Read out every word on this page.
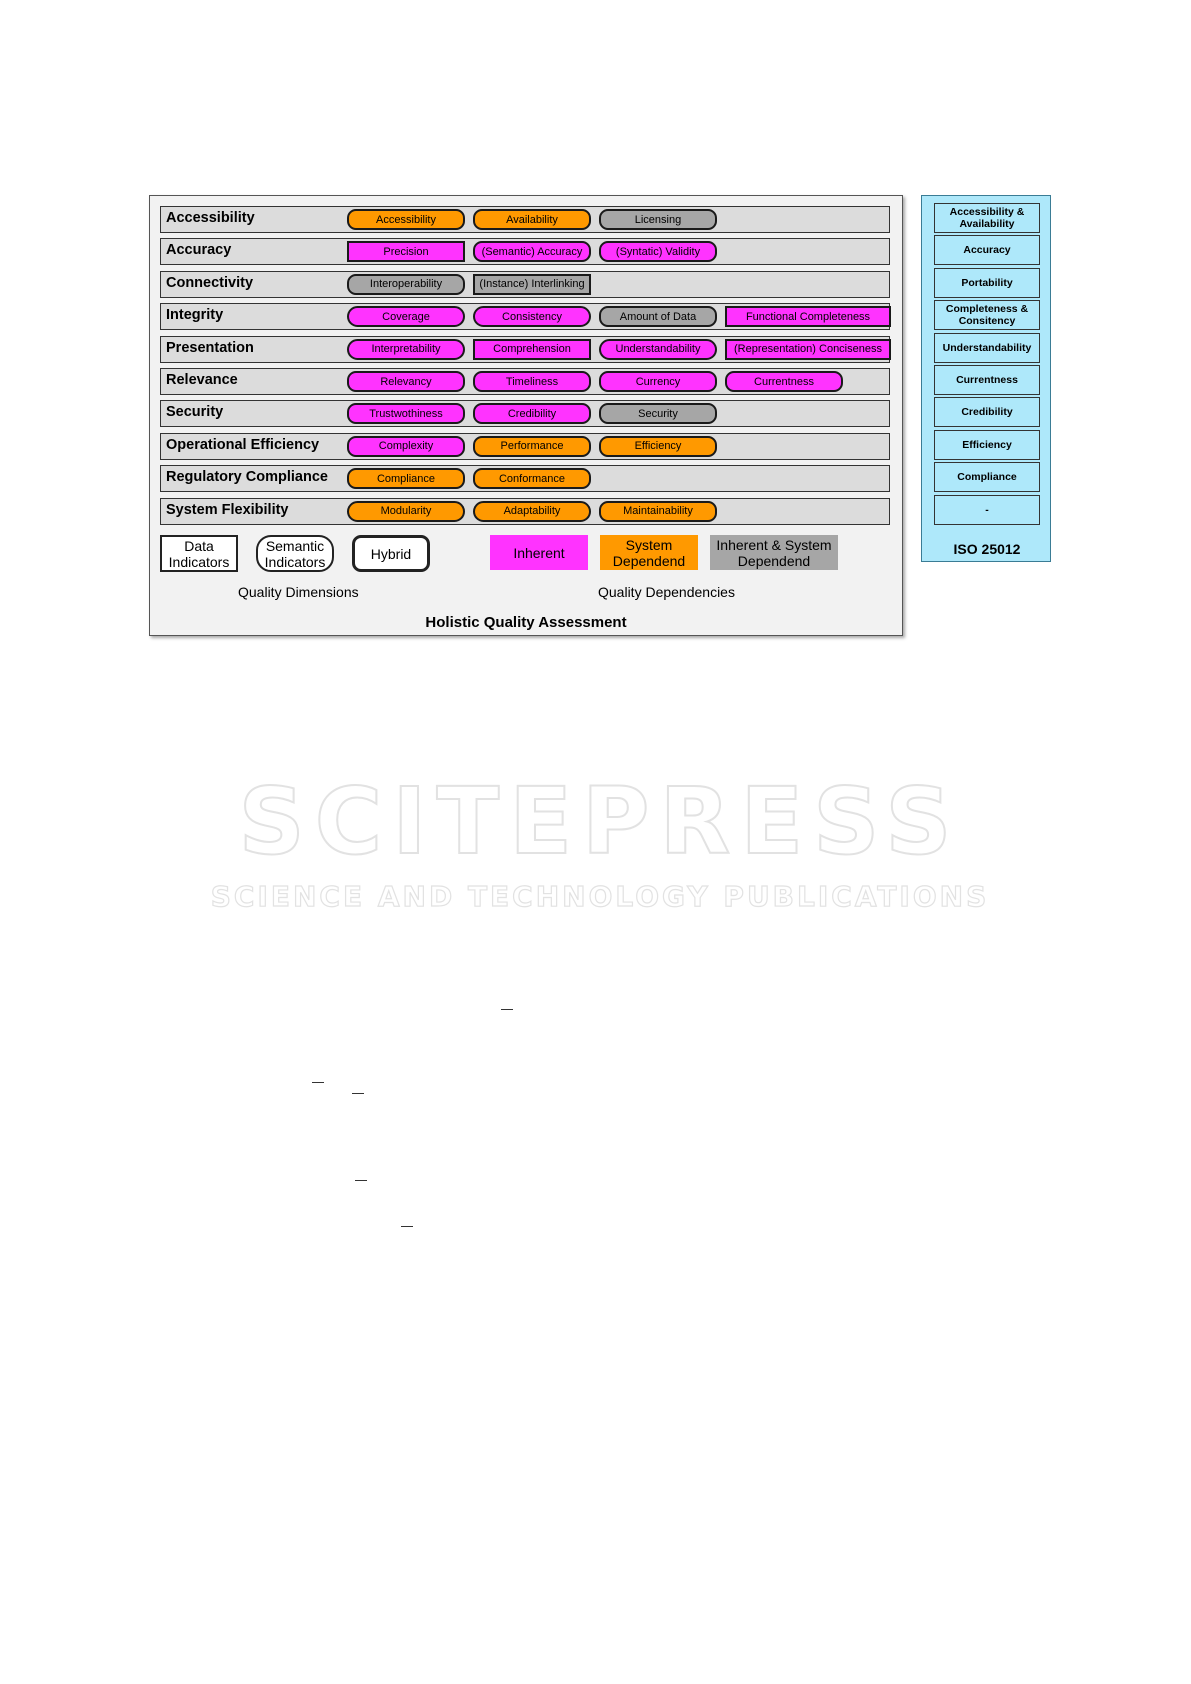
SCITEPRESS
SCIENCE AND TECHNOLOGY PUBLICATIONS
Accessibility	Accessibility	Availability	Licensing
Accuracy	Precision	(Semantic) Accuracy	(Syntatic) Validity
Connectivity	Interoperability	(Instance) Interlinking
Integrity	Coverage	Consistency	Amount of Data	Functional Completeness
Presentation	Interpretability	Comprehension	Understandability	(Representation) Conciseness
Relevance	Relevancy	Timeliness	Currency	Currentness
Security	Trustwothiness	Credibility	Security
Operational Efficiency	Complexity	Performance	Efficiency
Regulatory Compliance	Compliance	Conformance
System Flexibility	Modularity	Adaptability	Maintainability
Data Indicators
Semantic Indicators	Hybrid	Inherent	System Dependend
Inherent & System Dependend
Quality Dimensions	Quality Dependencies
Holistic Quality Assessment
Accessibility & Availability
Accuracy
Portability
Completeness & Consitency
Understandability
Currentness
Credibility
Efficiency
Compliance
-
ISO 25012
